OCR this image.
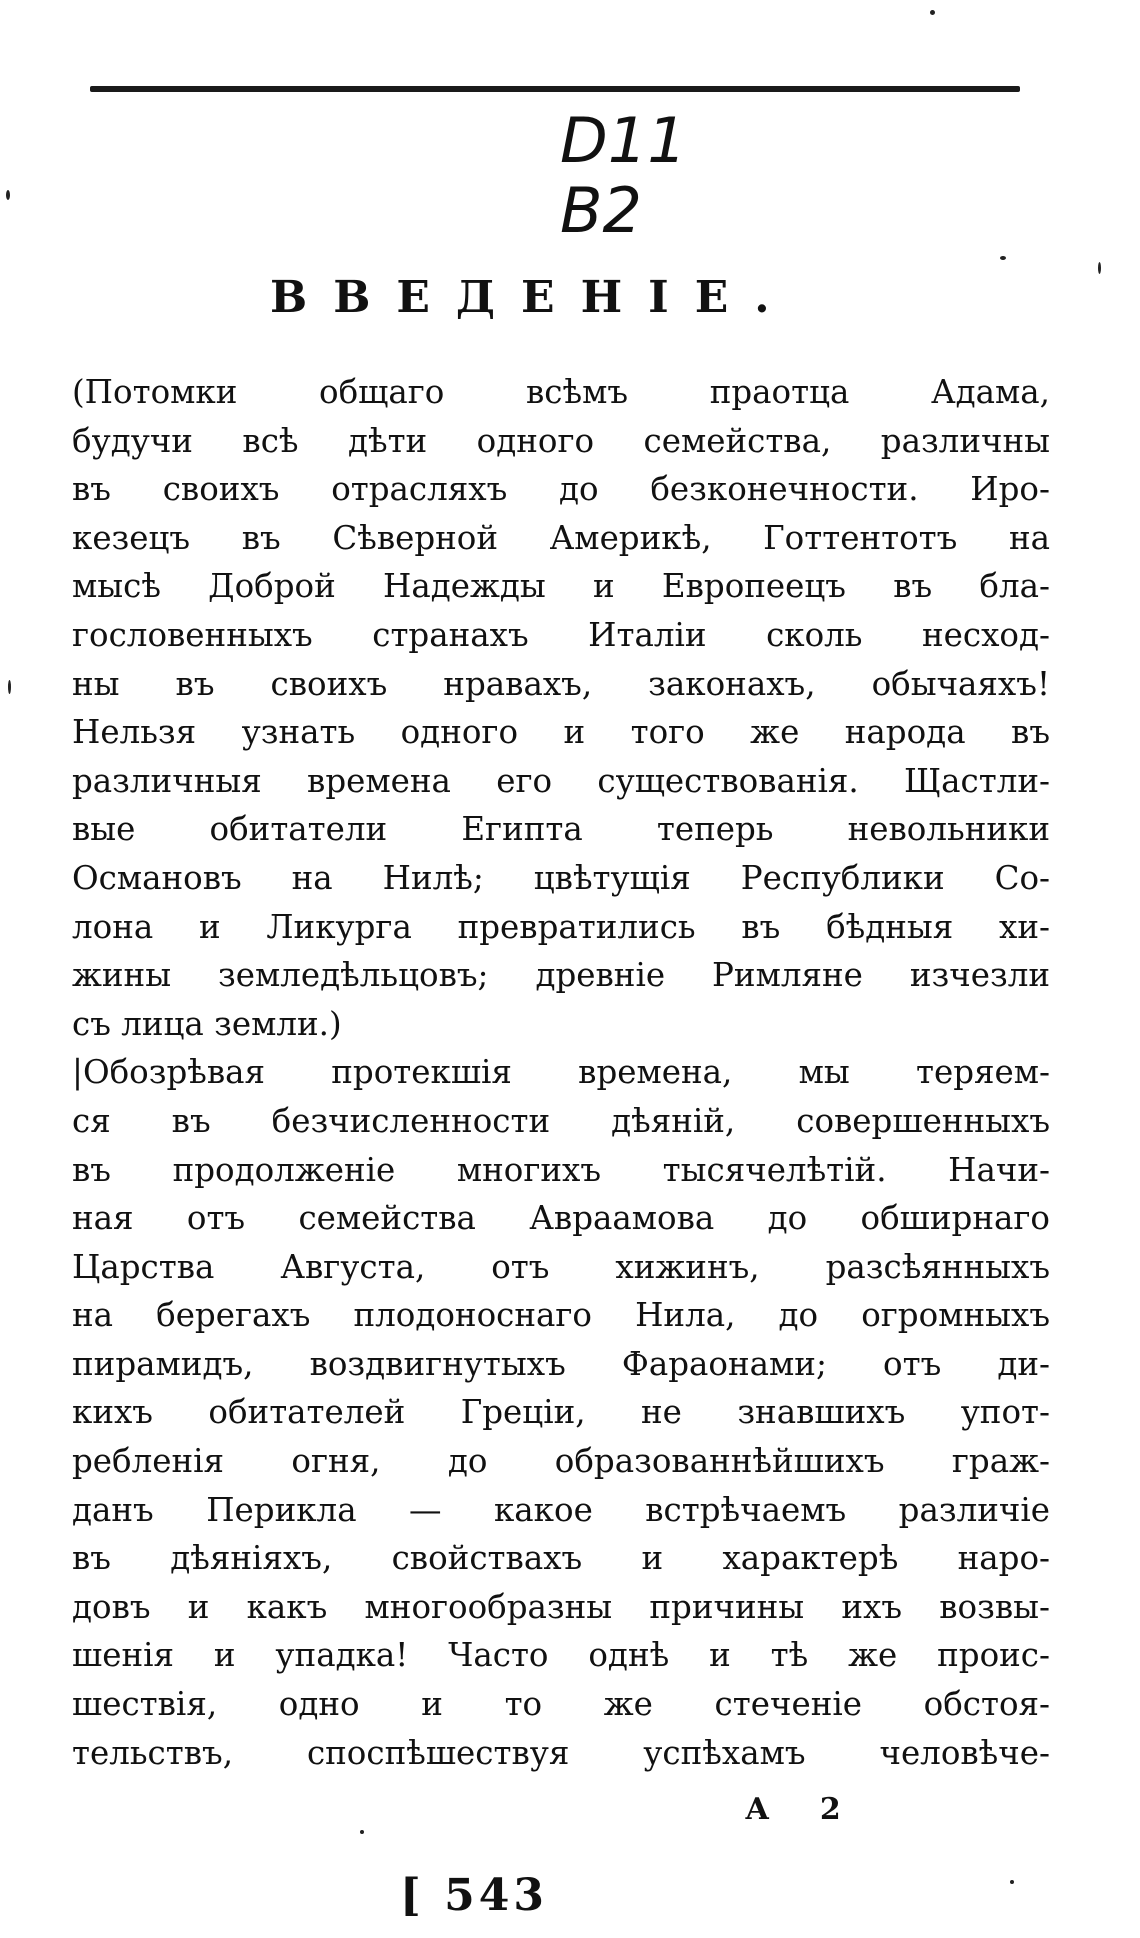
D11
B2
ВВЕДЕНІЕ.
(Потомки общаго всѣмъ праотца Адама,
будучи всѣ дѣти одного семейства, различны
въ своихъ отрасляхъ до безконечности. Иро-
кезецъ въ Сѣверной Америкѣ, Готтентотъ на
мысѣ Доброй Надежды и Европеецъ въ бла-
гословенныхъ странахъ Италіи сколь несход-
ны въ своихъ нравахъ, законахъ, обычаяхъ!
Нельзя узнать одного и того же народа въ
различныя времена его существованія. Щастли-
вые обитатели Египта теперь невольники
Османовъ на Нилѣ; цвѣтущія Республики Со-
лона и Ликурга превратились въ бѣдныя хи-
жины земледѣльцовъ; древніе Римляне изчезли
съ лица земли.)
|Обозрѣвая протекшія времена, мы теряем-
ся въ безчисленности дѣяній, совершенныхъ
въ продолженіе многихъ тысячелѣтій. Начи-
ная отъ семейства Авраамова до обширнаго
Царства Августа, отъ хижинъ, разсѣянныхъ
на берегахъ плодоноснаго Нила, до огромныхъ
пирамидъ, воздвигнутыхъ Фараонами; отъ ди-
кихъ обитателей Греціи, не знавшихъ упот-
ребленія огня, до образованнѣйшихъ граж-
данъ Перикла — какое встрѣчаемъ различіе
въ дѣяніяхъ, свойствахъ и характерѣ наро-
довъ и какъ многообразны причины ихъ возвы-
шенія и упадка! Часто однѣ и тѣ же проис-
шествія, одно и то же стеченіе обстоя-
тельствъ, споспѣшествуя успѣхамъ человѣче-
А 2
[ 543
